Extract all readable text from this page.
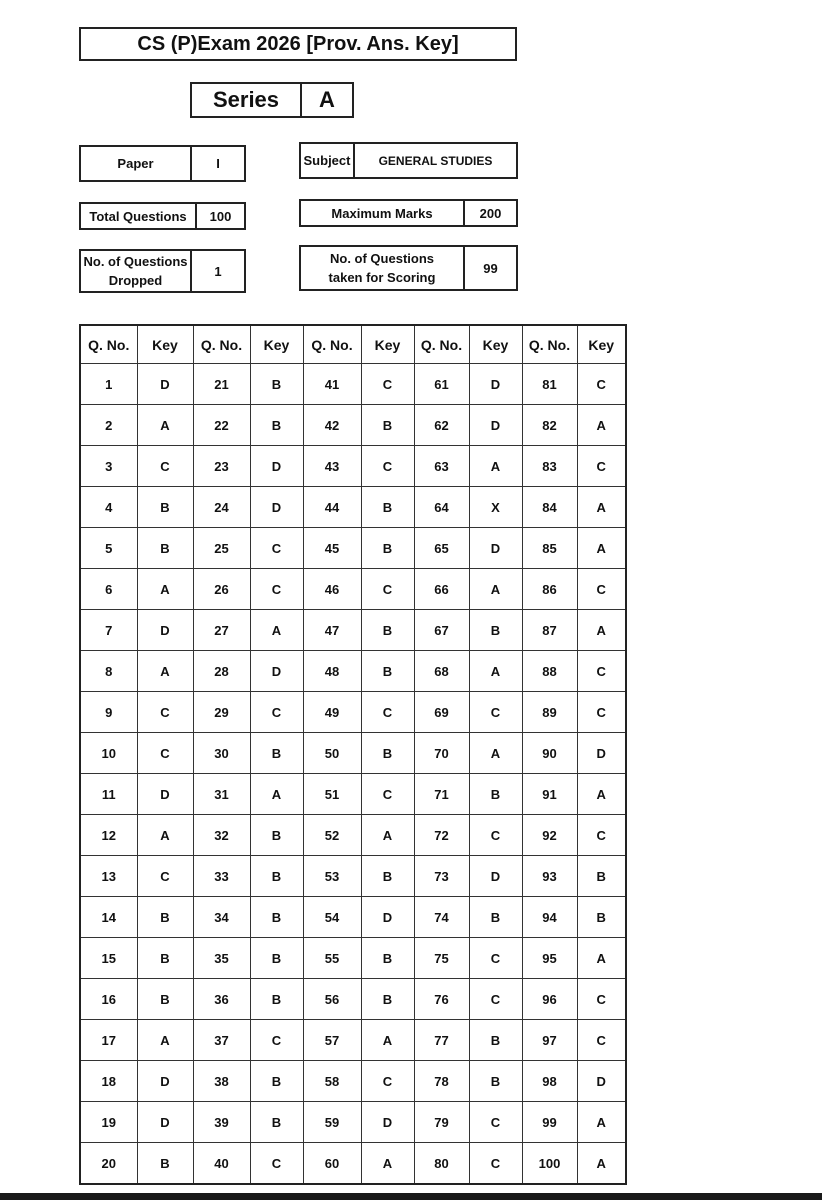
CS (P)Exam 2026 [Prov. Ans. Key]
Series	A
Paper	I	Subject	GENERAL STUDIES
Total Questions	100	Maximum Marks	200
No. of Questions
Dropped
1
No. of Questions
taken for Scoring
99
Q. No.	Key	Q. No.	Key	Q. No.	Key	Q. No.	Key	Q. No.	Key
1	D	21	B	41	C	61	D	81	C
2	A	22	B	42	B	62	D	82	A
3	C	23	D	43	C	63	A	83	C
4	B	24	D	44	B	64	X	84	A
5	B	25	C	45	B	65	D	85	A
6	A	26	C	46	C	66	A	86	C
7	D	27	A	47	B	67	B	87	A
8	A	28	D	48	B	68	A	88	C
9	C	29	C	49	C	69	C	89	C
10	C	30	B	50	B	70	A	90	D
11	D	31	A	51	C	71	B	91	A
12	A	32	B	52	A	72	C	92	C
13	C	33	B	53	B	73	D	93	B
14	B	34	B	54	D	74	B	94	B
15	B	35	B	55	B	75	C	95	A
16	B	36	B	56	B	76	C	96	C
17	A	37	C	57	A	77	B	97	C
18	D	38	B	58	C	78	B	98	D
19	D	39	B	59	D	79	C	99	A
20	B	40	C	60	A	80	C	100	A
